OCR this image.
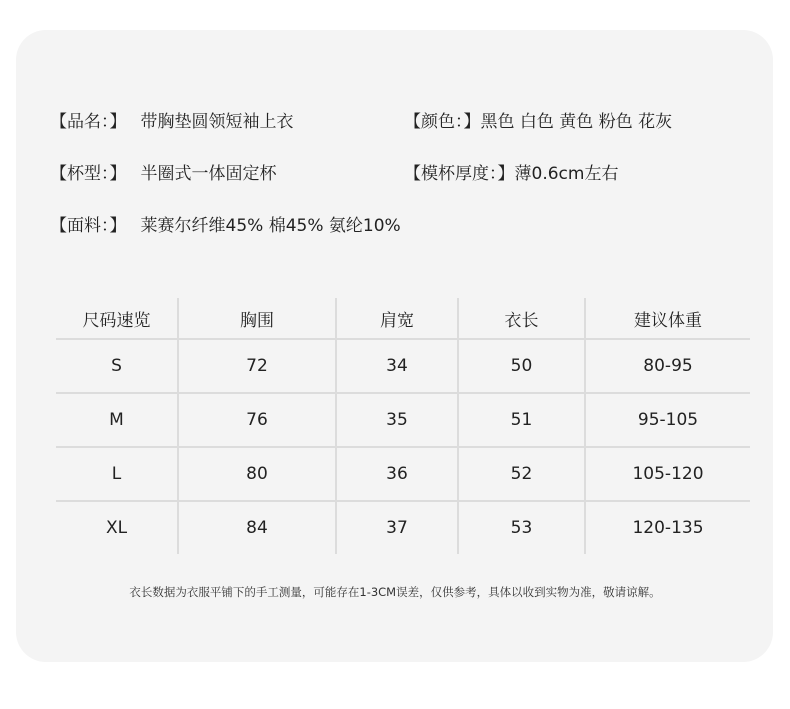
【品名：】 带胸垫圆领短袖上衣	【颜色：】黑色 白色 黄色 粉色 花灰
【杯型：】 半圈式一体固定杯	【模杯厚度：】薄0.6cm左右
【面料：】 莱赛尔纤维45% 棉45% 氨纶10%
尺码速览	胸围	肩宽	衣长	建议体重
S	72	34	50	80-95
M	76	35	51	95-105
L	80	36	52	105-120
XL	84	37	53	120-135
衣长数据为衣服平铺下的手工测量，可能存在1-3CM误差，仅供参考，具体以收到实物为准，敬请谅解。
